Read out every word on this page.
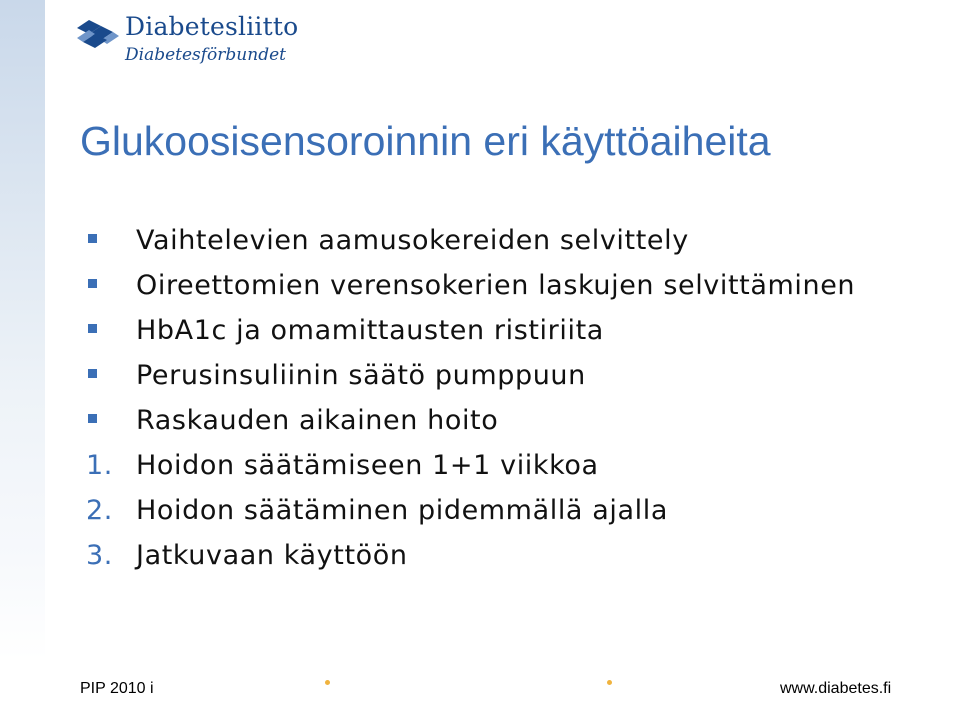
Diabetesliitto
Diabetesförbundet
Glukoosisensoroinnin eri käyttöaiheita
Vaihtelevien aamusokereiden selvittely
Oireettomien verensokerien laskujen selvittäminen
HbA1c ja omamittausten ristiriita
Perusinsuliinin säätö pumppuun
Raskauden aikainen hoito
1. Hoidon säätämiseen 1+1 viikkoa
2. Hoidon säätäminen pidemmällä ajalla
3. Jatkuvaan käyttöön
PIP 2010 i	www.diabetes.fi
